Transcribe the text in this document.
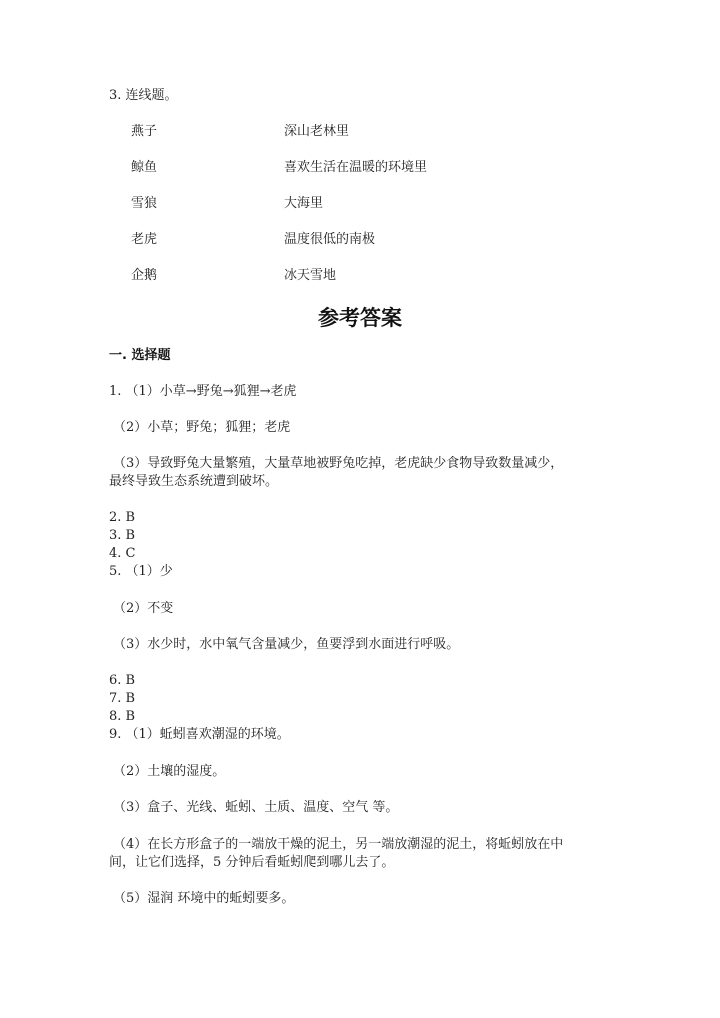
3. 连线题。
燕子	深山老林里
鲸鱼	喜欢生活在温暖的环境里
雪狼	大海里
老虎	温度很低的南极
企鹅	冰天雪地
参考答案
一. 选择题
1. （1）小草→野兔→狐狸→老虎
（2）小草；野兔；狐狸；老虎
（3）导致野兔大量繁殖，大量草地被野兔吃掉，老虎缺少食物导致数量减少，
最终导致生态系统遭到破坏。
2. B
3. B
4. C
5. （1）少
（2）不变
（3）水少时，水中氧气含量减少，鱼要浮到水面进行呼吸。
6. B
7. B
8. B
9. （1）蚯蚓喜欢潮湿的环境。
（2）土壤的湿度。
（3）盒子、光线、蚯蚓、土质、温度、空气 等。
（4）在长方形盒子的一端放干燥的泥土，另一端放潮湿的泥土，将蚯蚓放在中
间，让它们选择，5 分钟后看蚯蚓爬到哪儿去了。
（5）湿润 环境中的蚯蚓要多。
